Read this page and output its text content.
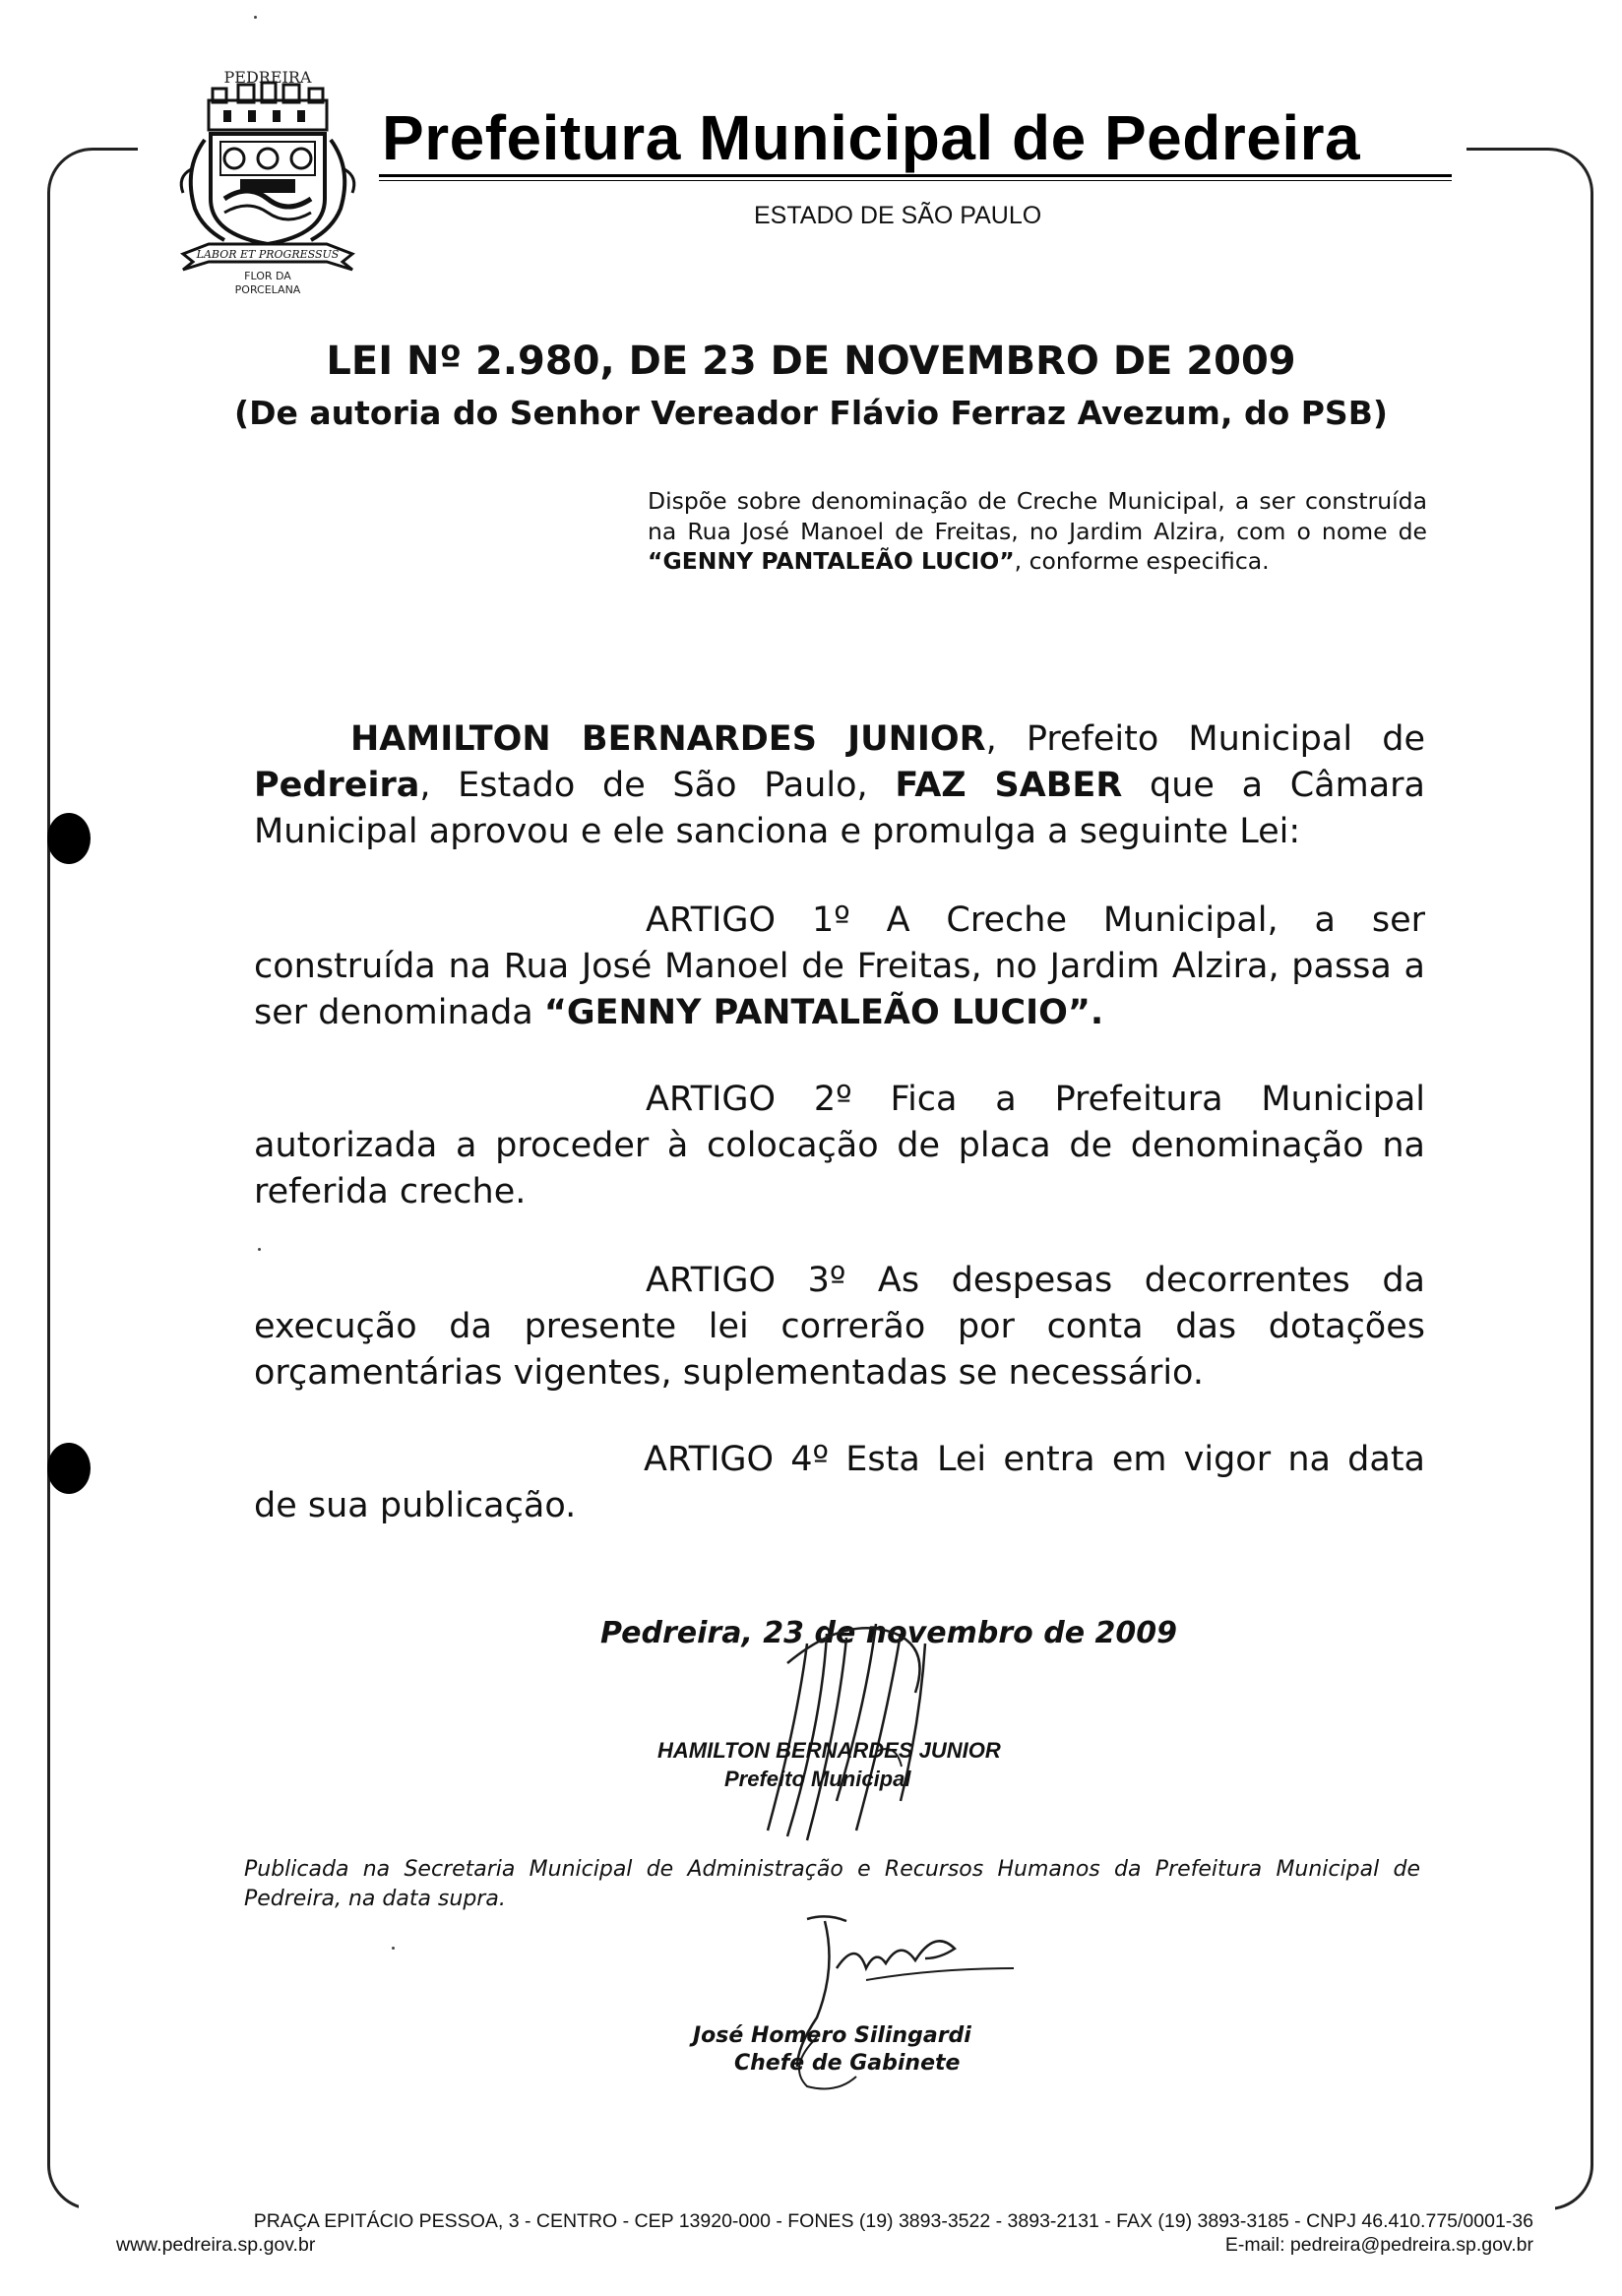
PEDREIRA
LABOR ET PROGRESSUS
FLOR DA
PORCELANA
Prefeitura Municipal de Pedreira
ESTADO DE SÃO PAULO
LEI Nº 2.980, DE 23 DE NOVEMBRO DE 2009
(De autoria do Senhor Vereador Flávio Ferraz Avezum, do PSB)
Dispõe sobre denominação de Creche Municipal, a ser construída na Rua José Manoel de Freitas, no Jardim Alzira, com o nome de “GENNY PANTALEÃO LUCIO”, conforme especifica.
HAMILTON BERNARDES JUNIOR, Prefeito Municipal de Pedreira, Estado de São Paulo, FAZ SABER que a Câmara Municipal aprovou e ele sanciona e promulga a seguinte Lei:
ARTIGO 1º A Creche Municipal, a ser construída na Rua José Manoel de Freitas, no Jardim Alzira, passa a ser denominada “GENNY PANTALEÃO LUCIO”.
ARTIGO 2º Fica a Prefeitura Municipal autorizada a proceder à colocação de placa de denominação na referida creche.
ARTIGO 3º As despesas decorrentes da execução da presente lei correrão por conta das dotações orçamentárias vigentes, suplementadas se necessário.
ARTIGO 4º Esta Lei entra em vigor na data de sua publicação.
Pedreira, 23 de novembro de 2009
HAMILTON BERNARDES JUNIOR
Prefeito Municipal
Publicada na Secretaria Municipal de Administração e Recursos Humanos da Prefeitura Municipal de Pedreira, na data supra.
José Homero Silingardi
Chefe de Gabinete
PRAÇA EPITÁCIO PESSOA, 3 - CENTRO - CEP 13920-000 - FONES (19) 3893-3522 - 3893-2131 - FAX (19) 3893-3185 - CNPJ 46.410.775/0001-36
www.pedreira.sp.gov.br	E-mail: pedreira@pedreira.sp.gov.br
